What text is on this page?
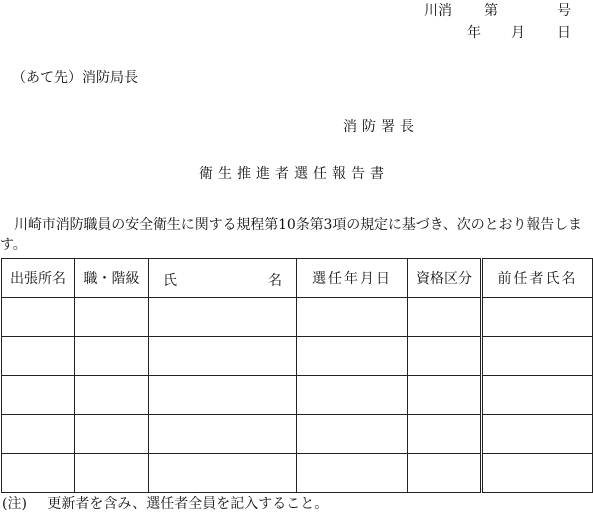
川消 第	号
年 月 日
（あて先）消防局長
消防署長
衛生推進者選任報告書
川崎市消防職員の安全衛生に関する規程第10条第3項の規定に基づき、次のとおり報告します。
出張所名	職・階級	氏 名	選任年月日	資格区分	前任者氏名

(注) 更新者を含み、選任者全員を記入すること。
